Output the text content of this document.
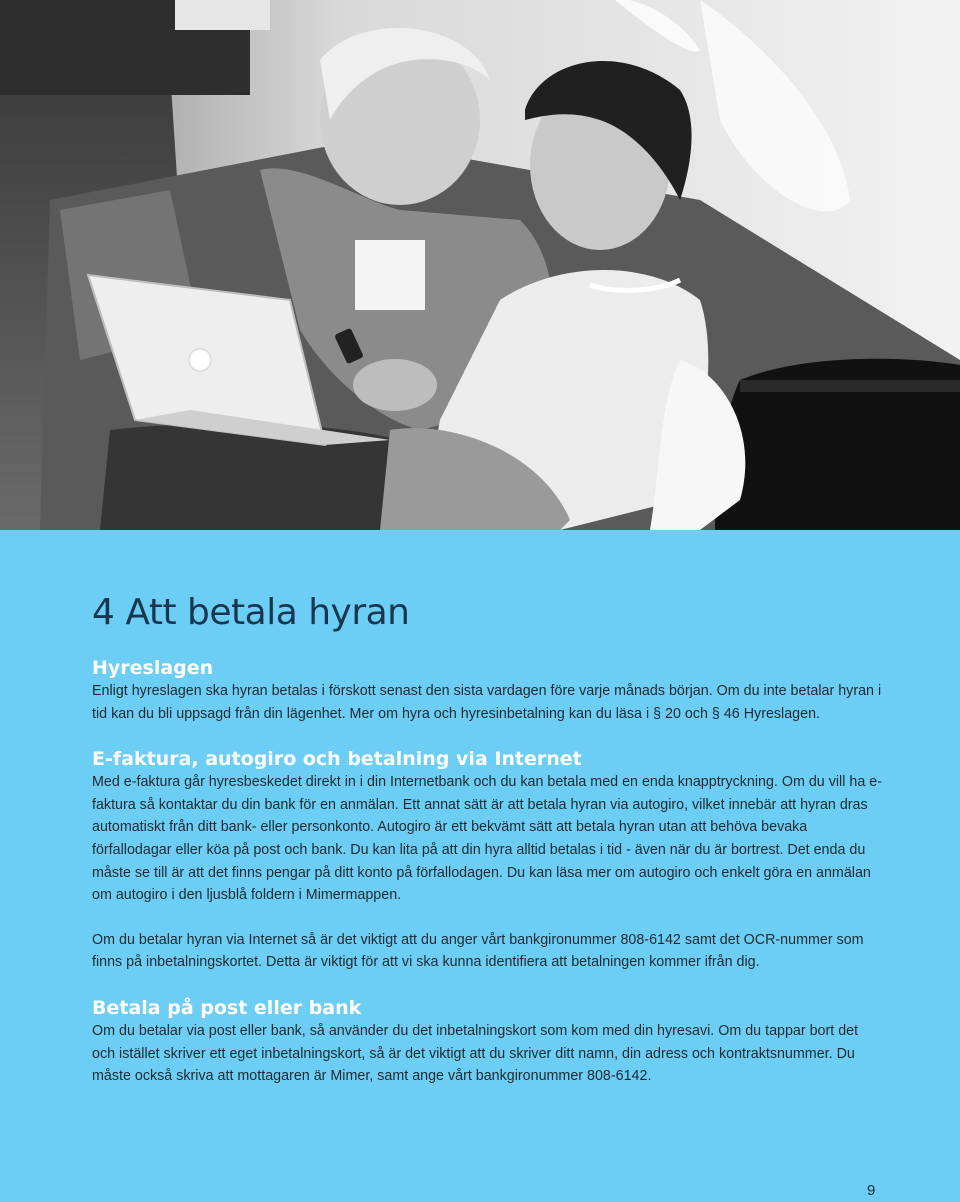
4 Att betala hyran
Hyreslagen

Enligt hyreslagen ska hyran betalas i förskott senast den sista vardagen före varje månads början. Om du inte betalar hyran i tid kan du bli uppsagd från din lägenhet. Mer om hyra och hyresinbetalning kan du läsa i § 20 och § 46 Hyreslagen.

E-faktura, autogiro och betalning via Internet

Med e-faktura går hyresbeskedet direkt in i din Internetbank och du kan betala med en enda knapptryckning. Om du vill ha e-faktura så kontaktar du din bank för en anmälan. Ett annat sätt är att betala hyran via autogiro, vilket innebär att hyran dras automatiskt från ditt bank- eller personkonto. Autogiro är ett bekvämt sätt att betala hyran utan att behöva bevaka förfallodagar eller köa på post och bank. Du kan lita på att din hyra alltid betalas i tid - även när du är bortrest. Det enda du måste se till är att det finns pengar på ditt konto på förfallodagen. Du kan läsa mer om autogiro och enkelt göra en anmälan om autogiro i den ljusblå foldern i Mimermappen.

Om du betalar hyran via Internet så är det viktigt att du anger vårt bankgironummer 808-6142 samt det OCR-nummer som finns på inbetalningskortet. Detta är viktigt för att vi ska kunna identifiera att betalningen kommer ifrån dig.

Betala på post eller bank

Om du betalar via post eller bank, så använder du det inbetalningskort som kom med din hyresavi. Om du tappar bort det och istället skriver ett eget inbetalningskort, så är det viktigt att du skriver ditt namn, din adress och kontraktsnummer. Du måste också skriva att mottagaren är Mimer, samt ange vårt bankgironummer 808-6142.

9
